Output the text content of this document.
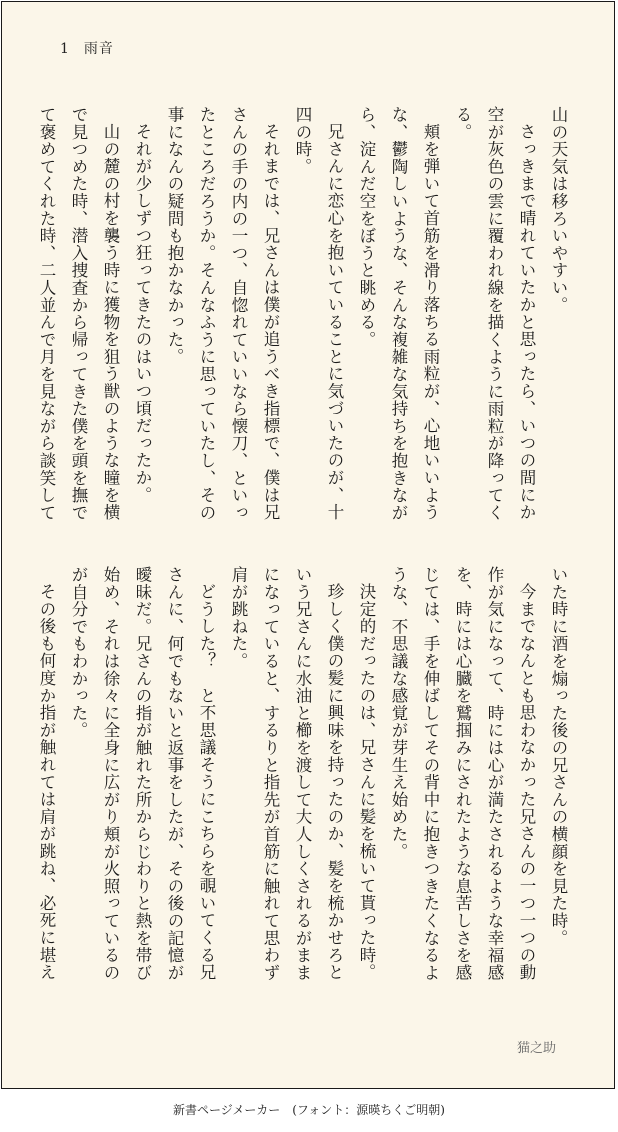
1 雨音

山の天気は移ろいやすい。

さっきまで晴れていたかと思ったら、いつの間にか空が灰色の雲に覆われ線を描くように雨粒が降ってくる。

頬を弾いて首筋を滑り落ちる雨粒が、心地いいような、鬱陶しいような、そんな複雑な気持ちを抱きながら、淀んだ空をぼうと眺める。

兄さんに恋心を抱いていることに気づいたのが、十四の時。

それまでは、兄さんは僕が追うべき指標で、僕は兄さんの手の内の一つ、自惚れていいなら懐刀、といったところだろうか。そんなふうに思っていたし、その事になんの疑問も抱かなかった。

それが少しずつ狂ってきたのはいつ頃だったか。

山の麓の村を襲う時に獲物を狙う獣のような瞳を横で見つめた時、潜入捜査から帰ってきた僕を頭を撫でて褒めてくれた時、二人並んで月を見ながら談笑して

いた時に酒を煽った後の兄さんの横顔を見た時。

今までなんとも思わなかった兄さんの一つ一つの動作が気になって、時には心が満たされるような幸福感を、時には心臓を鷲掴みにされたような息苦しさを感じては、手を伸ばしてその背中に抱きつきたくなるような、不思議な感覚が芽生え始めた。

決定的だったのは、兄さんに髪を梳いて貰った時。

珍しく僕の髪に興味を持ったのか、髪を梳かせろという兄さんに水油と櫛を渡して大人しくされるがままになっていると、するりと指先が首筋に触れて思わず肩が跳ねた。

どうした？　と不思議そうにこちらを覗いてくる兄さんに、何でもないと返事をしたが、その後の記憶が曖昧だ。兄さんの指が触れた所からじわりと熱を帯び始め、それは徐々に全身に広がり頬が火照っているのが自分でもわかった。

その後も何度か指が触れては肩が跳ね、必死に堪え

猫之助
新書ページメーカー　(フォント：源暎ちくご明朝)
